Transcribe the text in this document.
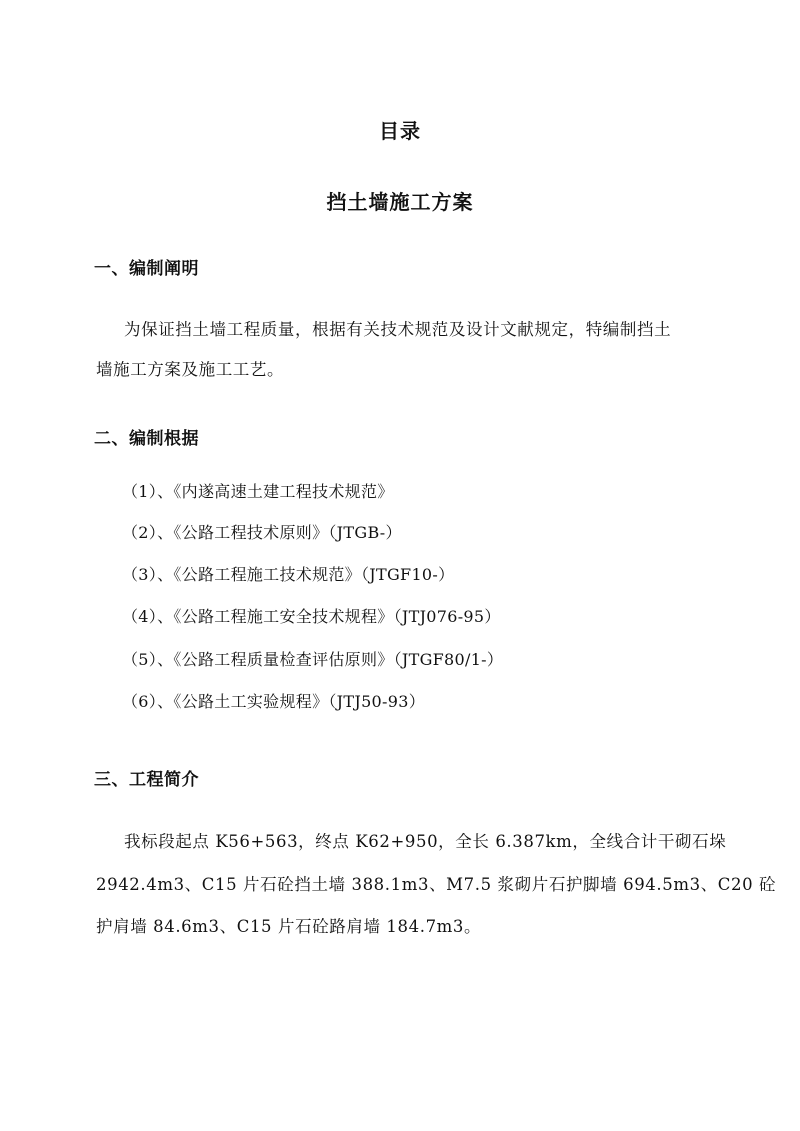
目录
挡土墙施工方案
一、编制阐明
为保证挡土墙工程质量，根据有关技术规范及设计文献规定，特编制挡土
墙施工方案及施工工艺。
二、编制根据
（1）、《内遂高速土建工程技术规范》
（2）、《公路工程技术原则》（JTGB-）
（3）、《公路工程施工技术规范》（JTGF10-）
（4）、《公路工程施工安全技术规程》（JTJ076-95）
（5）、《公路工程质量检查评估原则》（JTGF80/1-）
（6）、《公路土工实验规程》（JTJ50-93）
三、工程简介
我标段起点 K56+563，终点 K62+950，全长 6.387km，全线合计干砌石垛
2942.4m3、C15 片石砼挡土墙 388.1m3、M7.5 浆砌片石护脚墙 694.5m3、C20 砼
护肩墙 84.6m3、C15 片石砼路肩墙 184.7m3。
